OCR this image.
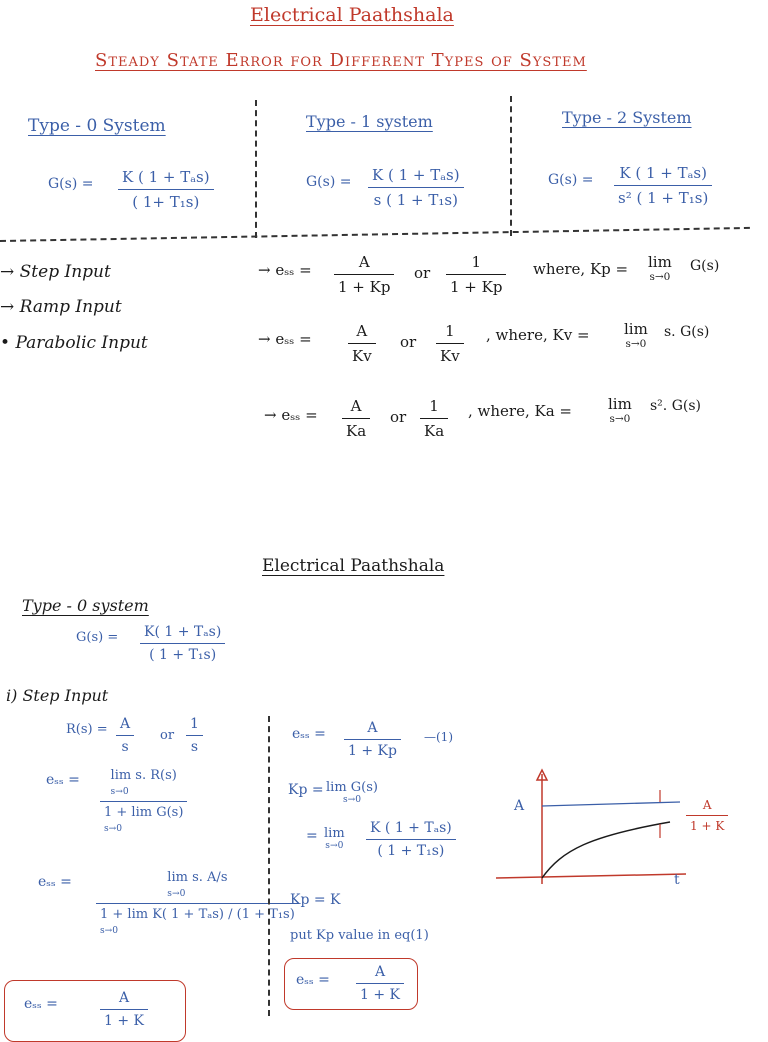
Electrical Paathshala
Steady State Error for Different Types of System
Type - 0 System	Type - 1 system	Type - 2 System
G(s) = K ( 1 + Tₐs)
( 1+ T₁s)
G(s) = K ( 1 + Tₐs)
s ( 1 + T₁s)
G(s) = K ( 1 + Tₐs)
s² ( 1 + T₁s)
→ Step Input
→ Ramp Input
• Parabolic Input
→ eₛₛ =	A
1 + Kp
or
1
1 + Kp
where, Kp = lim
s→0
G(s)
→ eₛₛ =	A
Kv
or
1
Kv
, where, Kv = lim
s→0
s. G(s)
→ eₛₛ = A
Ka
or
1
Ka
, where, Ka = lim
s→0
s². G(s)
Electrical Paathshala
Type - 0 system
G(s) = K( 1 + Tₐs)
( 1 + T₁s)
i) Step Input
R(s) = A
s
or
1
s
eₛₛ =	lim s. R(s)
s→0
1 + lim G(s)
s→0
eₛₛ =	lim s. A/s
s→0
1 + lim K( 1 + Tₐs) / (1 + T₁s)
s→0
eₛₛ =	A
1 + K
eₛₛ =	A
1 + Kp
—(1)
Kp = lim G(s)
s→0
= lim
s→0
K ( 1 + Tₐs)
( 1 + T₁s)
Kp = K
put Kp value in eq(1)
eₛₛ =	A
1 + K
A
t
A
1 + K
